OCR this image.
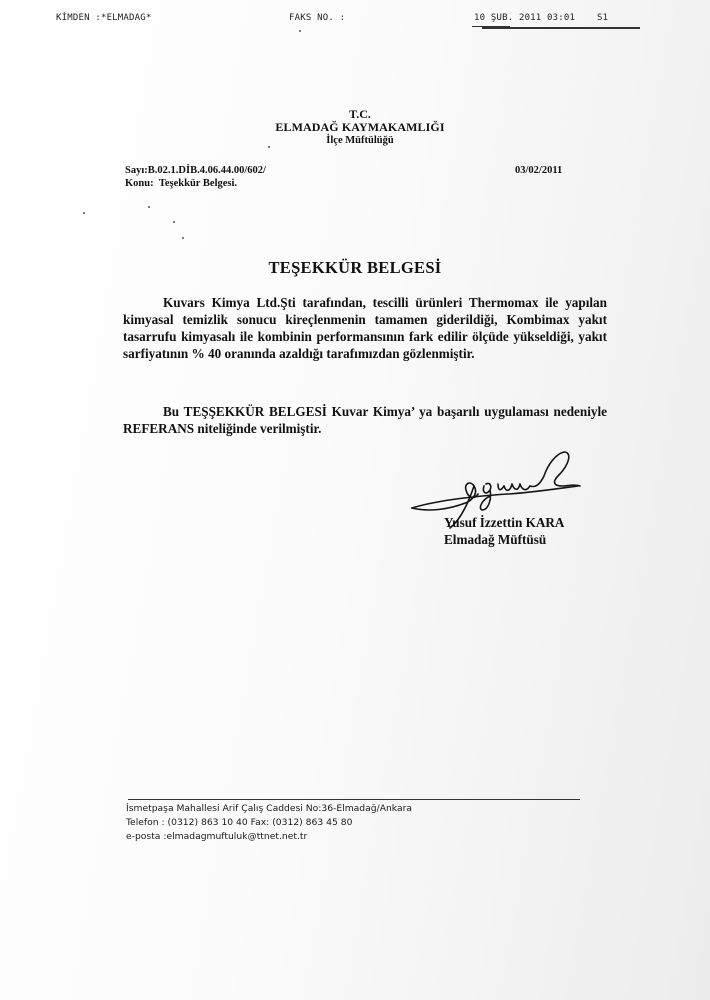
KİMDEN :*ELMADAG*	FAKS NO. :	10 ŞUB. 2011 03:01 S1
T.C.
ELMADAĞ KAYMAKAMLIĞI
İlçe Müftülüğü
Sayı:B.02.1.DİB.4.06.44.00/602/
Konu: Teşekkür Belgesi.
03/02/2011
TEŞEKKÜR BELGESİ
Kuvars Kimya Ltd.Şti tarafından, tescilli ürünleri Thermomax ile yapılan kimyasal temizlik sonucu kireçlenmenin tamamen giderildiği, Kombimax yakıt tasarrufu kimyasalı ile kombinin performansının fark edilir ölçüde yükseldiği, yakıt sarfiyatının % 40 oranında azaldığı tarafımızdan gözlenmiştir.
Bu TEŞŞEKKÜR BELGESİ Kuvar Kimya’ ya başarılı uygulaması nedeniyle REFERANS niteliğinde verilmiştir.
Yusuf İzzettin KARA
Elmadağ Müftüsü
İsmetpaşa Mahallesi Arif Çalış Caddesi No:36-Elmadağ/Ankara
Telefon : (0312) 863 10 40 Fax: (0312) 863 45 80
e-posta :elmadagmuftuluk@ttnet.net.tr
